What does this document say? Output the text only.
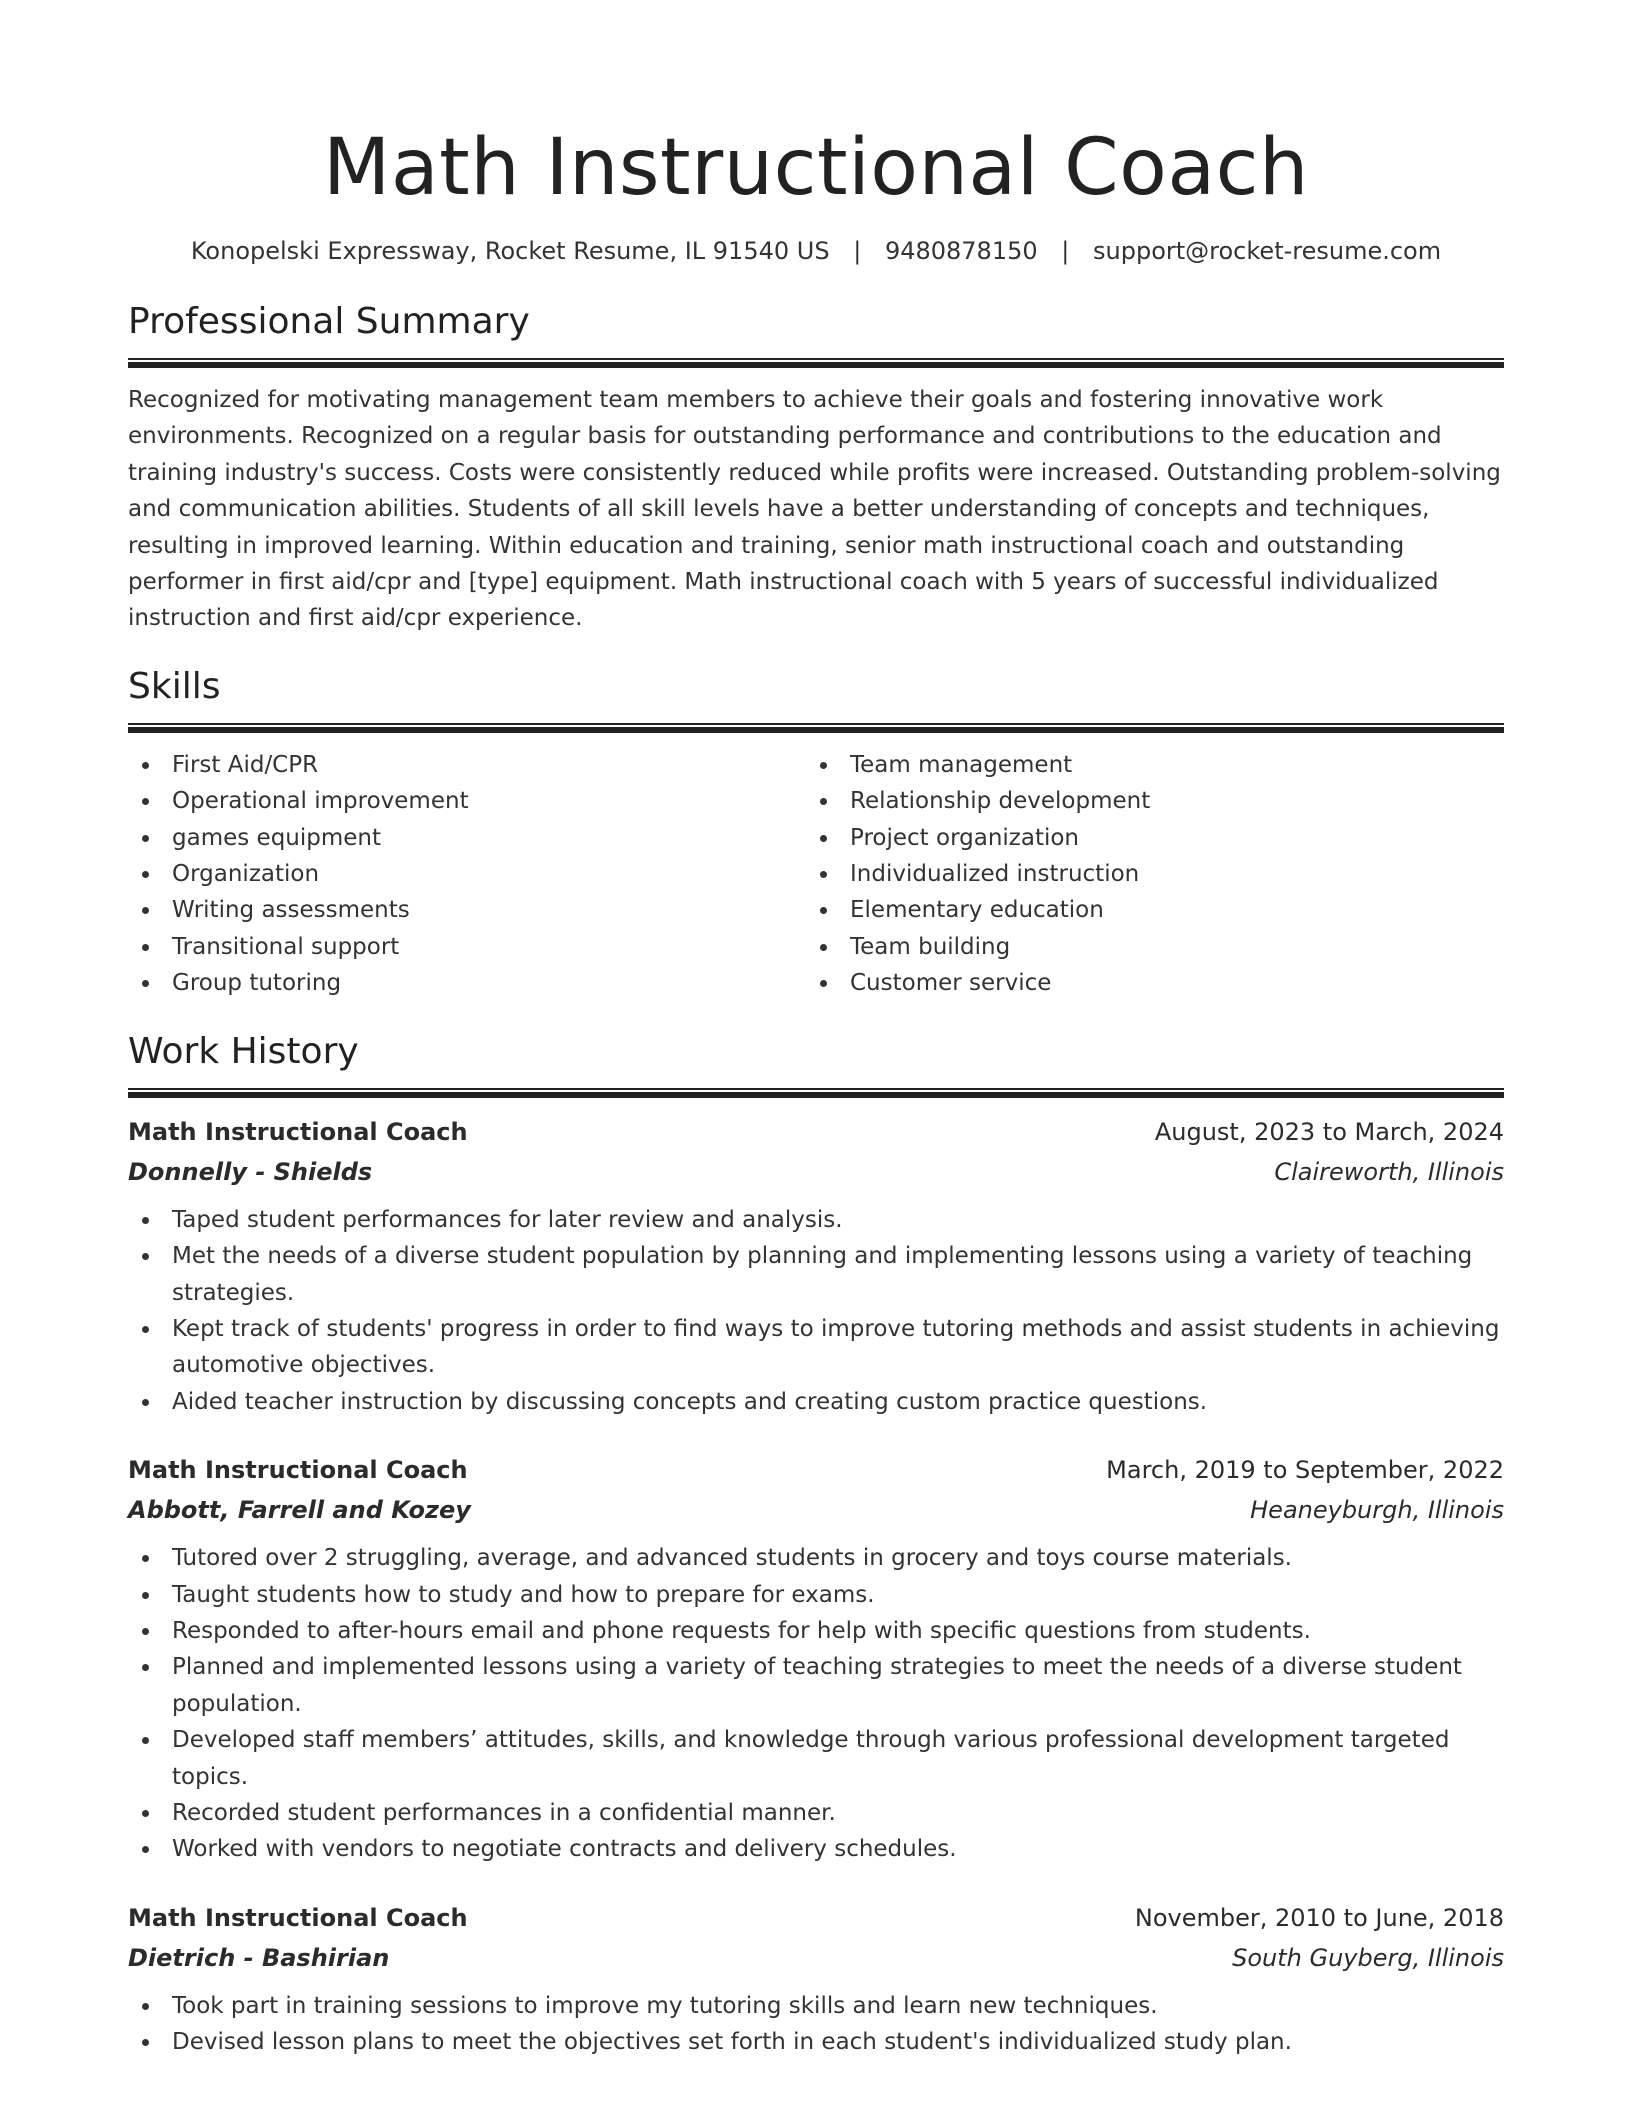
Math Instructional Coach
Konopelski Expressway, Rocket Resume, IL 91540 US | 9480878150 | support@rocket-resume.com
Professional Summary

Recognized for motivating management team members to achieve their goals and fostering innovative work environments. Recognized on a regular basis for outstanding performance and contributions to the education and training industry's success. Costs were consistently reduced while profits were increased. Outstanding problem-solving and communication abilities. Students of all skill levels have a better understanding of concepts and techniques, resulting in improved learning. Within education and training, senior math instructional coach and outstanding performer in first aid/cpr and [type] equipment. Math instructional coach with 5 years of successful individualized instruction and first aid/cpr experience.

Skills
First Aid/CPR
Operational improvement
games equipment
Organization
Writing assessments
Transitional support
Group tutoring
Team management
Relationship development
Project organization
Individualized instruction
Elementary education
Team building
Customer service
Work History
Math Instructional Coach	August, 2023 to March, 2024
Donnelly - Shields	Claireworth, Illinois
Taped student performances for later review and analysis.
Met the needs of a diverse student population by planning and implementing lessons using a variety of teaching strategies.
Kept track of students' progress in order to find ways to improve tutoring methods and assist students in achieving automotive objectives.
Aided teacher instruction by discussing concepts and creating custom practice questions.
Math Instructional Coach	March, 2019 to September, 2022
Abbott, Farrell and Kozey	Heaneyburgh, Illinois
Tutored over 2 struggling, average, and advanced students in grocery and toys course materials.
Taught students how to study and how to prepare for exams.
Responded to after-hours email and phone requests for help with specific questions from students.
Planned and implemented lessons using a variety of teaching strategies to meet the needs of a diverse student population.
Developed staff members’ attitudes, skills, and knowledge through various professional development targeted topics.
Recorded student performances in a confidential manner.
Worked with vendors to negotiate contracts and delivery schedules.
Math Instructional Coach	November, 2010 to June, 2018
Dietrich - Bashirian	South Guyberg, Illinois
Took part in training sessions to improve my tutoring skills and learn new techniques.
Devised lesson plans to meet the objectives set forth in each student's individualized study plan.
